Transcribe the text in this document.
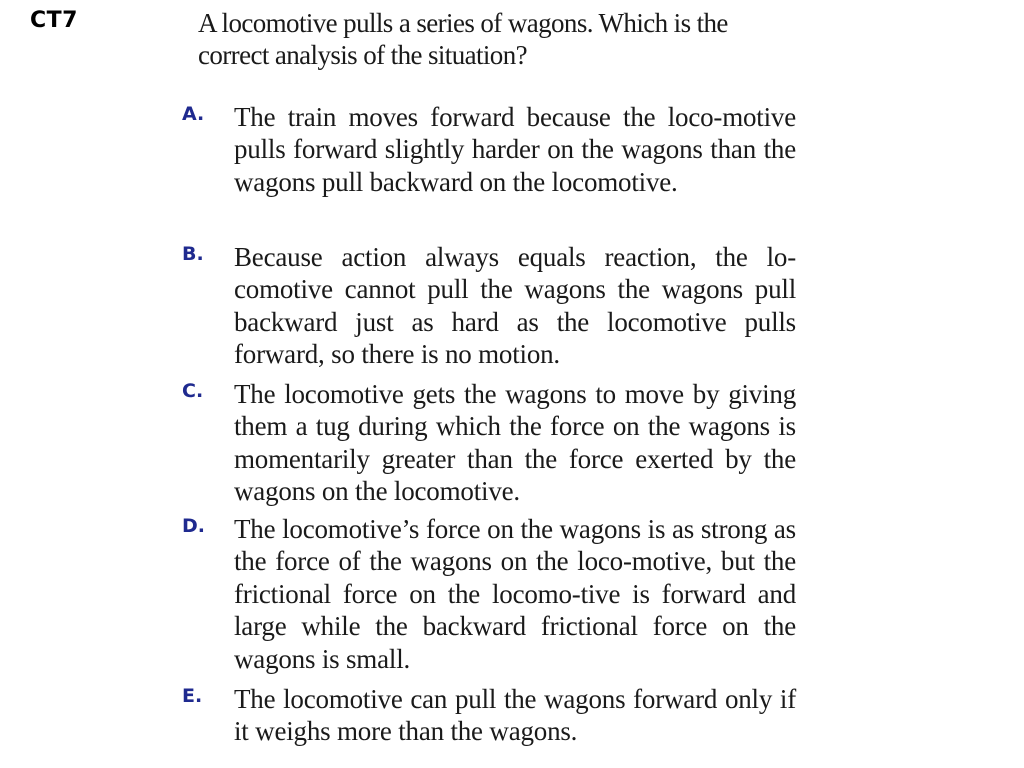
CT7	A locomotive pulls a series of wagons. Which is the correct analysis of the situation?
A. The train moves forward because the loco-motive pulls forward slightly harder on the wagons than the wagons pull backward on the locomotive.
B. Because action always equals reaction, the lo-comotive cannot pull the wagons the wagons pull backward just as hard as the locomotive pulls forward, so there is no motion.
C. The locomotive gets the wagons to move by giving them a tug during which the force on the wagons is momentarily greater than the force exerted by the wagons on the locomotive.
D. The locomotive’s force on the wagons is as strong as the force of the wagons on the loco-motive, but the frictional force on the locomo-tive is forward and large while the backward frictional force on the wagons is small.
E. The locomotive can pull the wagons forward only if it weighs more than the wagons.
